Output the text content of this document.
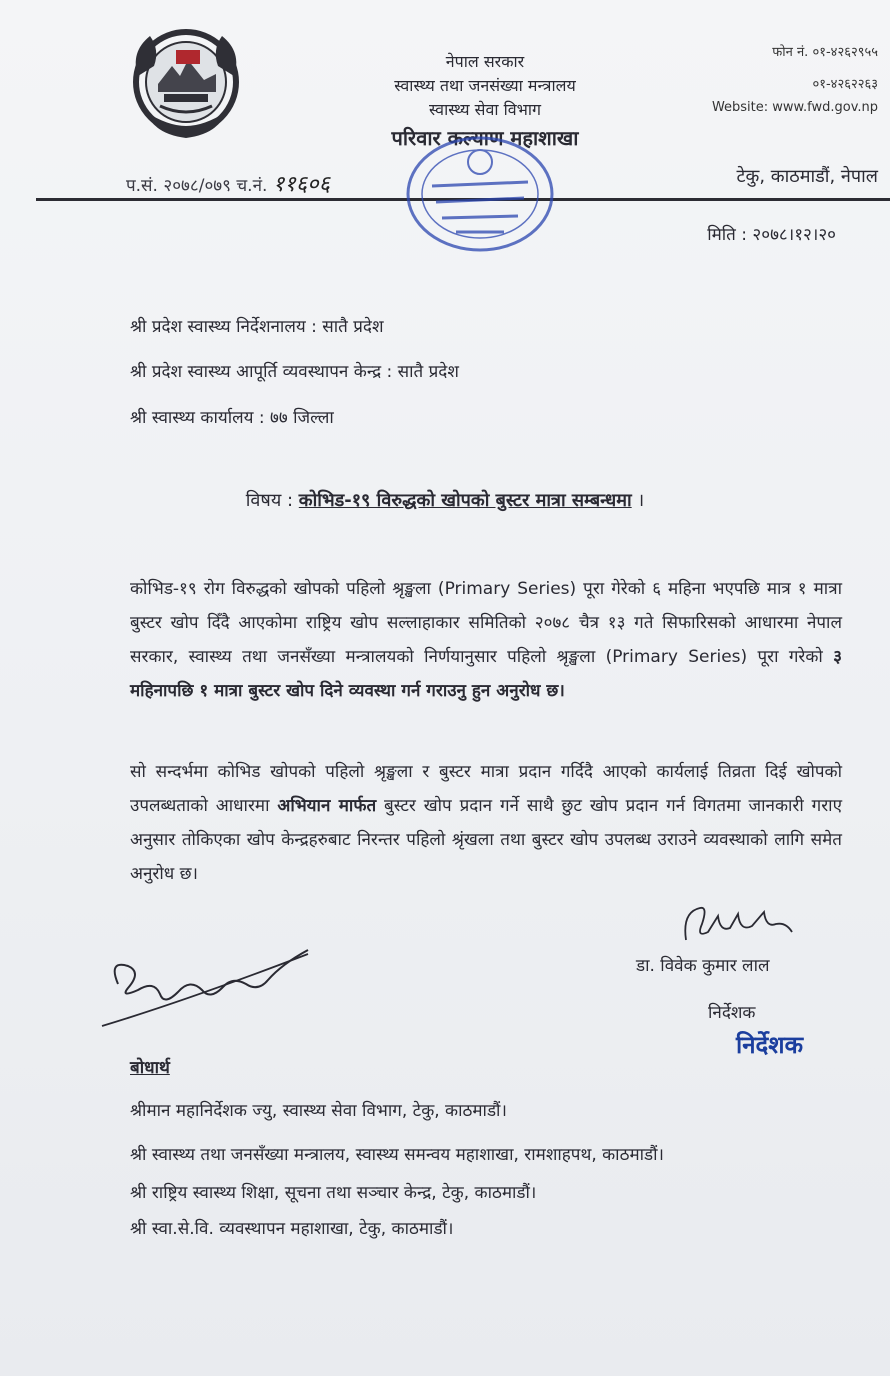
नेपाल सरकार
स्वास्थ्य तथा जनसंख्या मन्त्रालय
स्वास्थ्य सेवा विभाग
परिवार कल्याण महाशाखा
फोन नं. ०१-४२६२९५५
०१-४२६२२६३
Website: www.fwd.gov.np
प.सं. २०७८/०७९ च.नं. ११६०६	टेकु, काठमाडौं, नेपाल
मिति : २०७८।१२।२०
श्री प्रदेश स्वास्थ्य निर्देशनालय : सातै प्रदेश
श्री प्रदेश स्वास्थ्य आपूर्ति व्यवस्थापन केन्द्र : सातै प्रदेश
श्री स्वास्थ्य कार्यालय : ७७ जिल्ला
विषय : कोभिड-१९ विरुद्धको खोपको बुस्टर मात्रा सम्बन्धमा ।
कोभिड-१९ रोग विरुद्धको खोपको पहिलो श्रृङ्खला (Primary Series) पूरा गेरेको ६ महिना भएपछि मात्र १ मात्रा बुस्टर खोप दिँदै आएकोमा राष्ट्रिय खोप सल्लाहाकार समितिको २०७८ चैत्र १३ गते सिफारिसको आधारमा नेपाल सरकार, स्वास्थ्य तथा जनसँख्या मन्त्रालयको निर्णयानुसार पहिलो श्रृङ्खला (Primary Series) पूरा गरेको ३ महिनापछि १ मात्रा बुस्टर खोप दिने व्यवस्था गर्न गराउनु हुन अनुरोध छ।
सो सन्दर्भमा कोभिड खोपको पहिलो श्रृङ्खला र बुस्टर मात्रा प्रदान गर्दिदै आएको कार्यलाई तिव्रता दिई खोपको उपलब्धताको आधारमा अभियान मार्फत बुस्टर खोप प्रदान गर्ने साथै छुट खोप प्रदान गर्न विगतमा जानकारी गराए अनुसार तोकिएका खोप केन्द्रहरुबाट निरन्तर पहिलो श्रृंखला तथा बुस्टर खोप उपलब्ध उराउने व्यवस्थाको लागि समेत अनुरोध छ।
डा. विवेक कुमार लाल
निर्देशक
निर्देशक
बोधार्थ
श्रीमान महानिर्देशक ज्यु, स्वास्थ्य सेवा विभाग, टेकु, काठमाडौं।
श्री स्वास्थ्य तथा जनसँख्या मन्त्रालय, स्वास्थ्य समन्वय महाशाखा, रामशाहपथ, काठमाडौं।
श्री राष्ट्रिय स्वास्थ्य शिक्षा, सूचना तथा सञ्चार केन्द्र, टेकु, काठमाडौं।
श्री स्वा.से.वि. व्यवस्थापन महाशाखा, टेकु, काठमाडौं।
